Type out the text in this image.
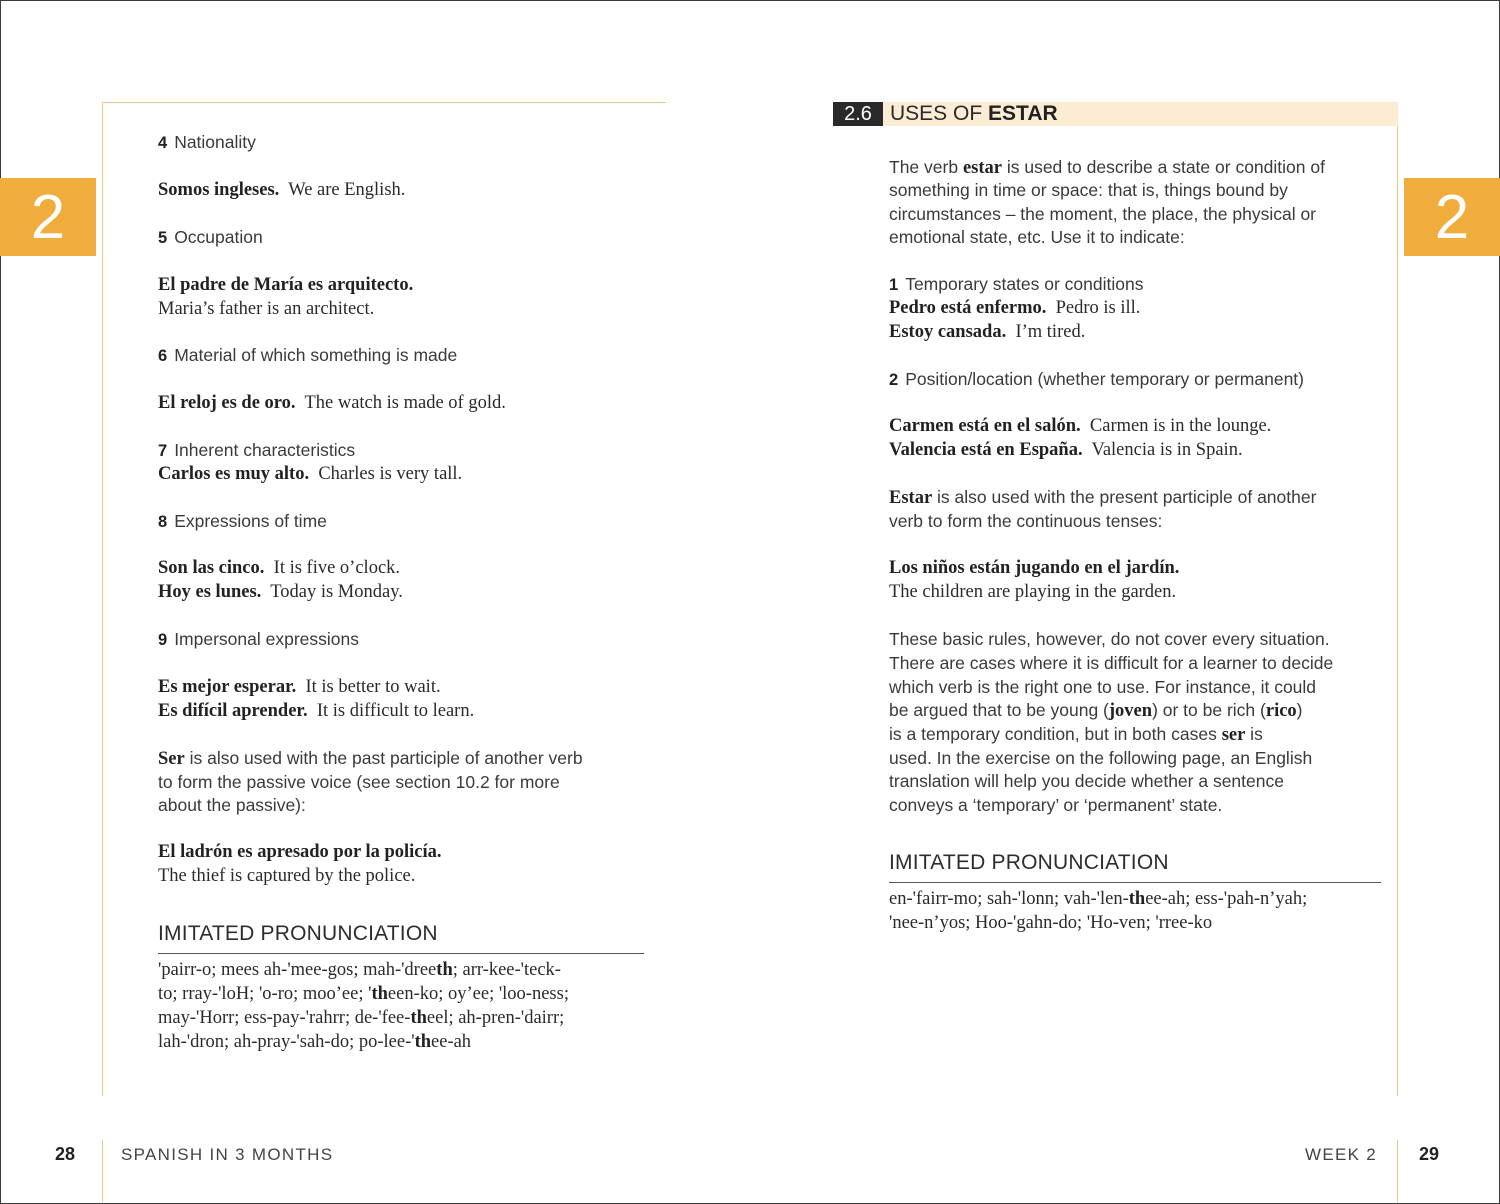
2	2
4 Nationality
Somos ingleses. We are English.
5 Occupation
El padre de María es arquitecto.
Maria’s father is an architect.
6 Material of which something is made
El reloj es de oro. The watch is made of gold.
7 Inherent characteristics
Carlos es muy alto. Charles is very tall.
8 Expressions of time
Son las cinco. It is five o’clock.
Hoy es lunes. Today is Monday.
9 Impersonal expressions
Es mejor esperar. It is better to wait.
Es difícil aprender. It is difficult to learn.
Ser is also used with the past participle of another verb
to form the passive voice (see section 10.2 for more
about the passive):
El ladrón es apresado por la policía.
The thief is captured by the police.
IMITATED PRONUNCIATION
'pairr-o; mees ah-'mee-gos; mah-'dreeth; arr-kee-'teck-
to; rray-'loH; 'o-ro; moo’ee; 'theen-ko; oy’ee; 'loo-ness;
may-'Horr; ess-pay-'rahrr; de-'fee-theel; ah-pren-'dairr;
lah-'dron; ah-pray-'sah-do; po-lee-'thee-ah
2.6 USES OF ESTAR
The verb estar is used to describe a state or condition of
something in time or space: that is, things bound by
circumstances – the moment, the place, the physical or
emotional state, etc. Use it to indicate:
1 Temporary states or conditions
Pedro está enfermo. Pedro is ill.
Estoy cansada. I’m tired.
2 Position/location (whether temporary or permanent)
Carmen está en el salón. Carmen is in the lounge.
Valencia está en España. Valencia is in Spain.
Estar is also used with the present participle of another
verb to form the continuous tenses:
Los niños están jugando en el jardín.
The children are playing in the garden.
These basic rules, however, do not cover every situation.
There are cases where it is difficult for a learner to decide
which verb is the right one to use. For instance, it could
be argued that to be young (joven) or to be rich (rico)
is a temporary condition, but in both cases ser is
used. In the exercise on the following page, an English
translation will help you decide whether a sentence
conveys a ‘temporary’ or ‘permanent’ state.
IMITATED PRONUNCIATION
en-'fairr-mo; sah-'lonn; vah-'len-thee-ah; ess-'pah-n’yah;
'nee-n’yos; Hoo-'gahn-do; 'Ho-ven; 'rree-ko
28	SPANISH IN 3 MONTHS	WEEK 2 29
